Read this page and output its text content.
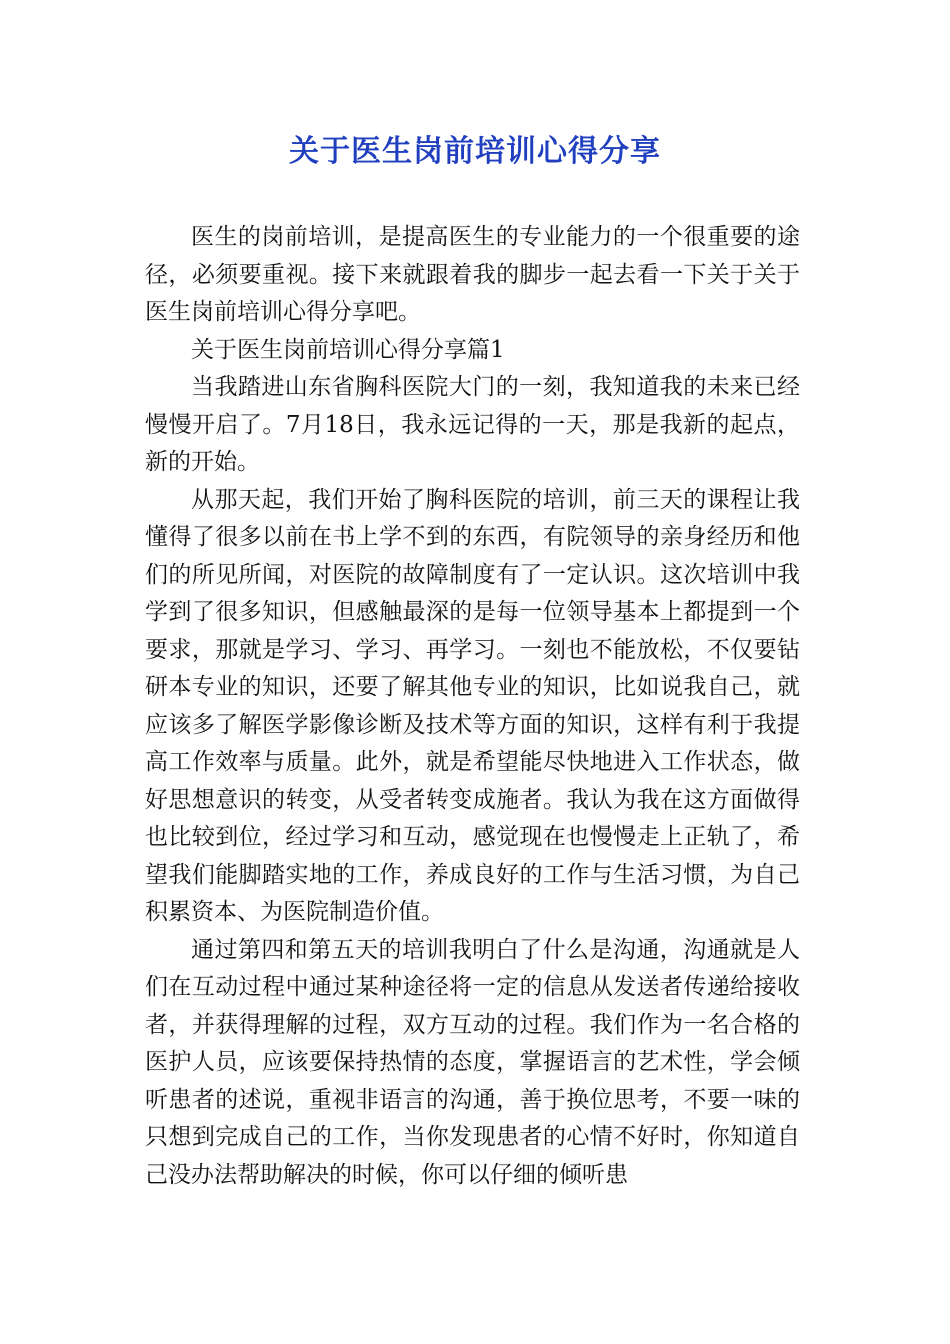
关于医生岗前培训心得分享

医生的岗前培训，是提高医生的专业能力的一个很重要的途径，必须要重视。接下来就跟着我的脚步一起去看一下关于关于医生岗前培训心得分享吧。

关于医生岗前培训心得分享篇1

当我踏进山东省胸科医院大门的一刻，我知道我的未来已经慢慢开启了。7月18日，我永远记得的一天，那是我新的起点，新的开始。

从那天起，我们开始了胸科医院的培训，前三天的课程让我懂得了很多以前在书上学不到的东西，有院领导的亲身经历和他们的所见所闻，对医院的故障制度有了一定认识。这次培训中我学到了很多知识，但感触最深的是每一位领导基本上都提到一个要求，那就是学习、学习、再学习。一刻也不能放松，不仅要钻研本专业的知识，还要了解其他专业的知识，比如说我自己，就应该多了解医学影像诊断及技术等方面的知识，这样有利于我提高工作效率与质量。此外，就是希望能尽快地进入工作状态，做好思想意识的转变，从受者转变成施者。我认为我在这方面做得也比较到位，经过学习和互动，感觉现在也慢慢走上正轨了，希望我们能脚踏实地的工作，养成良好的工作与生活习惯，为自己积累资本、为医院制造价值。

通过第四和第五天的培训我明白了什么是沟通，沟通就是人们在互动过程中通过某种途径将一定的信息从发送者传递给接收者，并获得理解的过程，双方互动的过程。我们作为一名合格的医护人员，应该要保持热情的态度，掌握语言的艺术性，学会倾听患者的述说，重视非语言的沟通，善于换位思考，不要一味的只想到完成自己的工作，当你发现患者的心情不好时，你知道自己没办法帮助解决的时候，你可以仔细的倾听患
